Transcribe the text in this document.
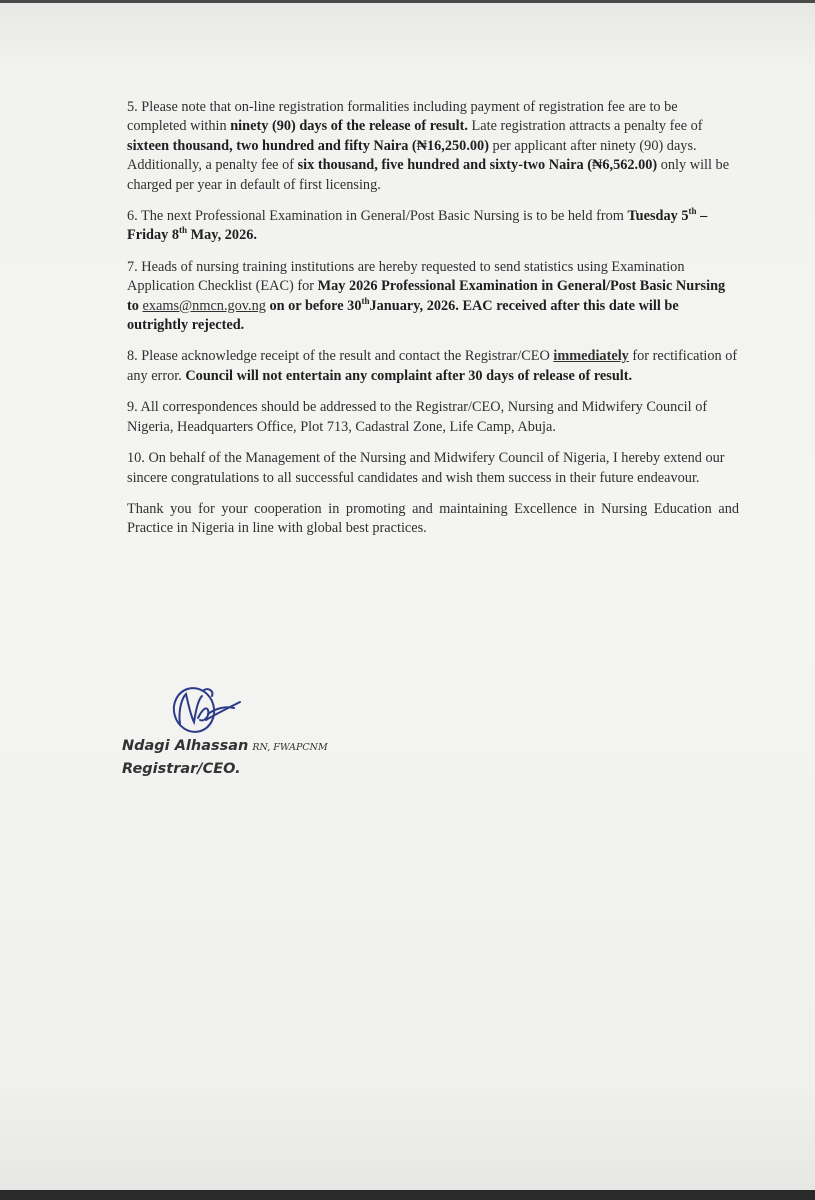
5. Please note that on-line registration formalities including payment of registration fee are to be completed within ninety (90) days of the release of result. Late registration attracts a penalty fee of sixteen thousand, two hundred and fifty Naira (₦16,250.00) per applicant after ninety (90) days. Additionally, a penalty fee of six thousand, five hundred and sixty-two Naira (₦6,562.00) only will be charged per year in default of first licensing.

6. The next Professional Examination in General/Post Basic Nursing is to be held from Tuesday 5th – Friday 8th May, 2026.

7. Heads of nursing training institutions are hereby requested to send statistics using Examination Application Checklist (EAC) for May 2026 Professional Examination in General/Post Basic Nursing to exams@nmcn.gov.ng on or before 30thJanuary, 2026. EAC received after this date will be outrightly rejected.

8. Please acknowledge receipt of the result and contact the Registrar/CEO immediately for rectification of any error. Council will not entertain any complaint after 30 days of release of result.

9. All correspondences should be addressed to the Registrar/CEO, Nursing and Midwifery Council of Nigeria, Headquarters Office, Plot 713, Cadastral Zone, Life Camp, Abuja.

10. On behalf of the Management of the Nursing and Midwifery Council of Nigeria, I hereby extend our sincere congratulations to all successful candidates and wish them success in their future endeavour.

Thank you for your cooperation in promoting and maintaining Excellence in Nursing Education and Practice in Nigeria in line with global best practices.

Ndagi Alhassan RN, FWAPCNM
Registrar/CEO.
